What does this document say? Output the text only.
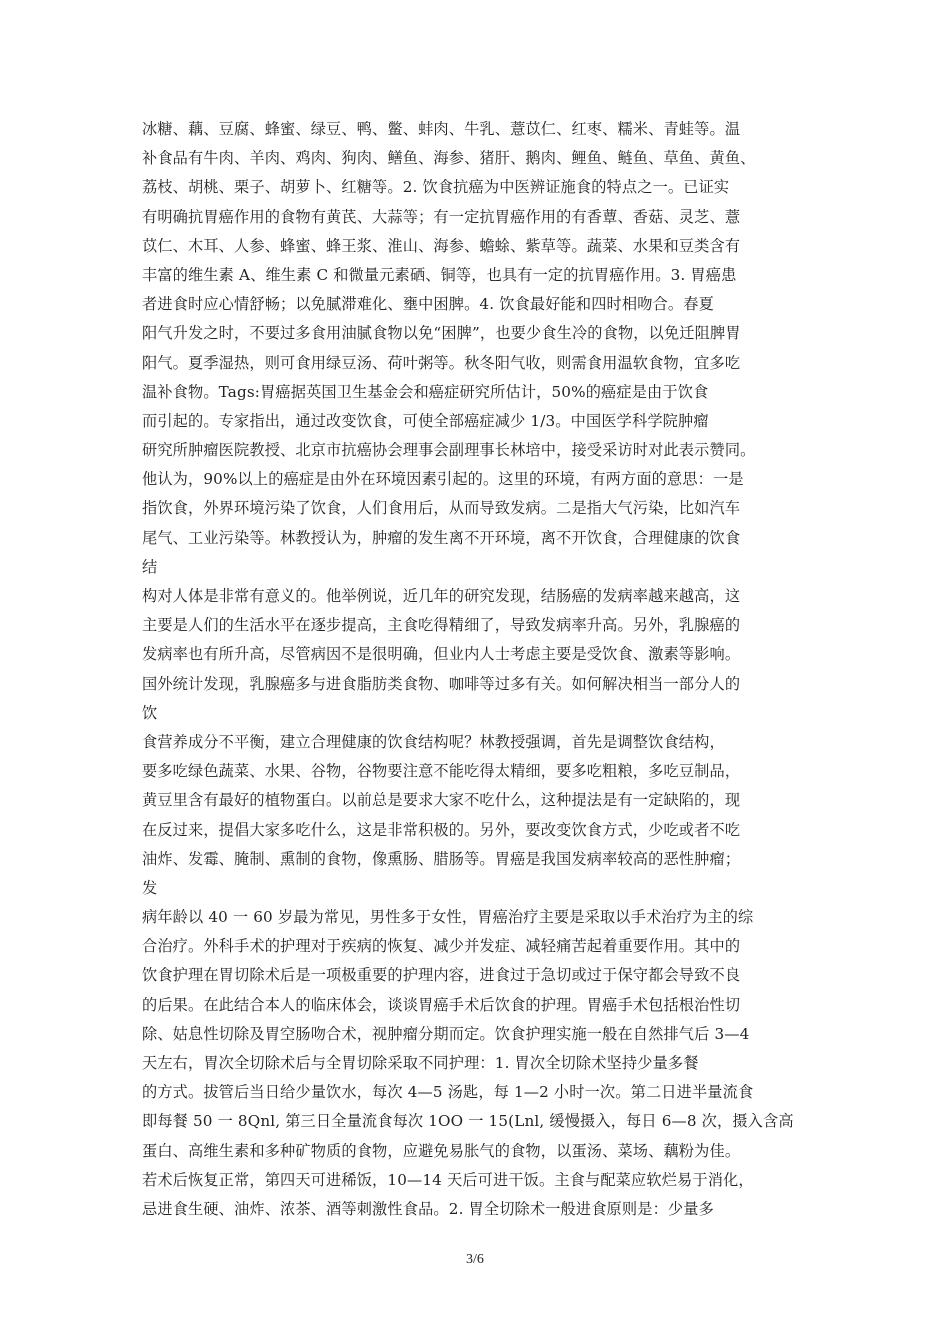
冰糖、藕、豆腐、蜂蜜、绿豆、鸭、鳖、蚌肉、牛乳、薏苡仁、红枣、糯米、青蛙等。温
补食品有牛肉、羊肉、鸡肉、狗肉、鳝鱼、海参、猪肝、鹅肉、鲤鱼、鲢鱼、草鱼、黄鱼、
荔枝、胡桃、栗子、胡萝卜、红糖等。2. 饮食抗癌为中医辨证施食的特点之一。已证实
有明确抗胃癌作用的食物有黄芪、大蒜等；有一定抗胃癌作用的有香蕈、香菇、灵芝、薏
苡仁、木耳、人参、蜂蜜、蜂王浆、淮山、海参、蟾蜍、紫草等。蔬菜、水果和豆类含有
丰富的维生素 A、维生素 C 和微量元素硒、铜等，也具有一定的抗胃癌作用。3. 胃癌患
者进食时应心情舒畅；以免腻滞难化、壅中困脾。4. 饮食最好能和四时相吻合。春夏
阳气升发之时，不要过多食用油腻食物以免“困脾”，也要少食生冷的食物，以免迁阻脾胃
阳气。夏季湿热，则可食用绿豆汤、荷叶粥等。秋冬阳气收，则需食用温软食物，宜多吃
温补食物。Tags:胃癌据英国卫生基金会和癌症研究所估计，50%的癌症是由于饮食
而引起的。专家指出，通过改变饮食，可使全部癌症减少 1/3。中国医学科学院肿瘤
研究所肿瘤医院教授、北京市抗癌协会理事会副理事长林培中，接受采访时对此表示赞同。
他认为，90%以上的癌症是由外在环境因素引起的。这里的环境，有两方面的意思：一是
指饮食，外界环境污染了饮食，人们食用后，从而导致发病。二是指大气污染，比如汽车
尾气、工业污染等。林教授认为，肿瘤的发生离不开环境，离不开饮食，合理健康的饮食
结
构对人体是非常有意义的。他举例说，近几年的研究发现，结肠癌的发病率越来越高，这
主要是人们的生活水平在逐步提高，主食吃得精细了，导致发病率升高。另外，乳腺癌的
发病率也有所升高，尽管病因不是很明确，但业内人士考虑主要是受饮食、激素等影响。
国外统计发现，乳腺癌多与进食脂肪类食物、咖啡等过多有关。如何解决相当一部分人的
饮
食营养成分不平衡，建立合理健康的饮食结构呢？林教授强调，首先是调整饮食结构，
要多吃绿色蔬菜、水果、谷物，谷物要注意不能吃得太精细，要多吃粗粮，多吃豆制品，
黄豆里含有最好的植物蛋白。以前总是要求大家不吃什么，这种提法是有一定缺陷的，现
在反过来，提倡大家多吃什么，这是非常积极的。另外，要改变饮食方式，少吃或者不吃
油炸、发霉、腌制、熏制的食物，像熏肠、腊肠等。胃癌是我国发病率较高的恶性肿瘤；
发
病年龄以 40 一 60 岁最为常见，男性多于女性，胃癌治疗主要是采取以手术治疗为主的综
合治疗。外科手术的护理对于疾病的恢复、减少并发症、减轻痛苦起着重要作用。其中的
饮食护理在胃切除术后是一项极重要的护理内容，进食过于急切或过于保守都会导致不良
的后果。在此结合本人的临床体会，谈谈胃癌手术后饮食的护理。胃癌手术包括根治性切
除、姑息性切除及胃空肠吻合术，视肿瘤分期而定。饮食护理实施一般在自然排气后 3—4
天左右，胃次全切除术后与全胃切除采取不同护理：1. 胃次全切除术坚持少量多餐
的方式。拔管后当日给少量饮水，每次 4—5 汤匙，每 1—2 小时一次。第二日进半量流食
即每餐 50 一 8Qnl, 第三日全量流食每次 1OO 一 15(Lnl, 缓慢摄入，每日 6—8 次，摄入含高
蛋白、高维生素和多种矿物质的食物，应避免易胀气的食物，以蛋汤、菜场、藕粉为佳。
若术后恢复正常，第四天可进稀饭，10—14 天后可进干饭。主食与配菜应软烂易于消化，
忌进食生硬、油炸、浓茶、酒等刺激性食品。2. 胃全切除术一般进食原则是：少量多
3/6
